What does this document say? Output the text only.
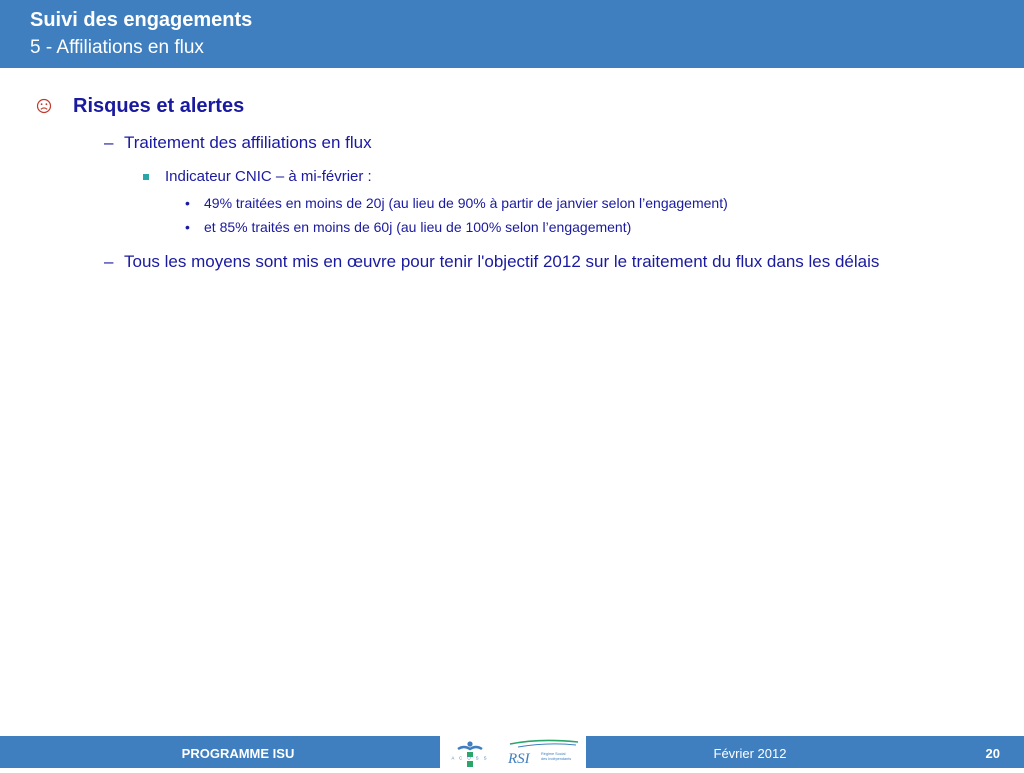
Suivi des engagements
5 - Affiliations en flux
Risques et alertes
– Traitement des affiliations en flux
Indicateur CNIC – à mi-février :
• 49% traitées en moins de 20j (au lieu de 90% à partir de janvier selon l’engagement)
• et 85% traités en moins de 60j (au lieu de 100% selon l’engagement)
– Tous les moyens sont mis en œuvre pour tenir l'objectif 2012 sur le traitement du flux dans les délais
PROGRAMME ISU	A C O S S RSI	Régime Social
des Indépendants	Février 2012	20
